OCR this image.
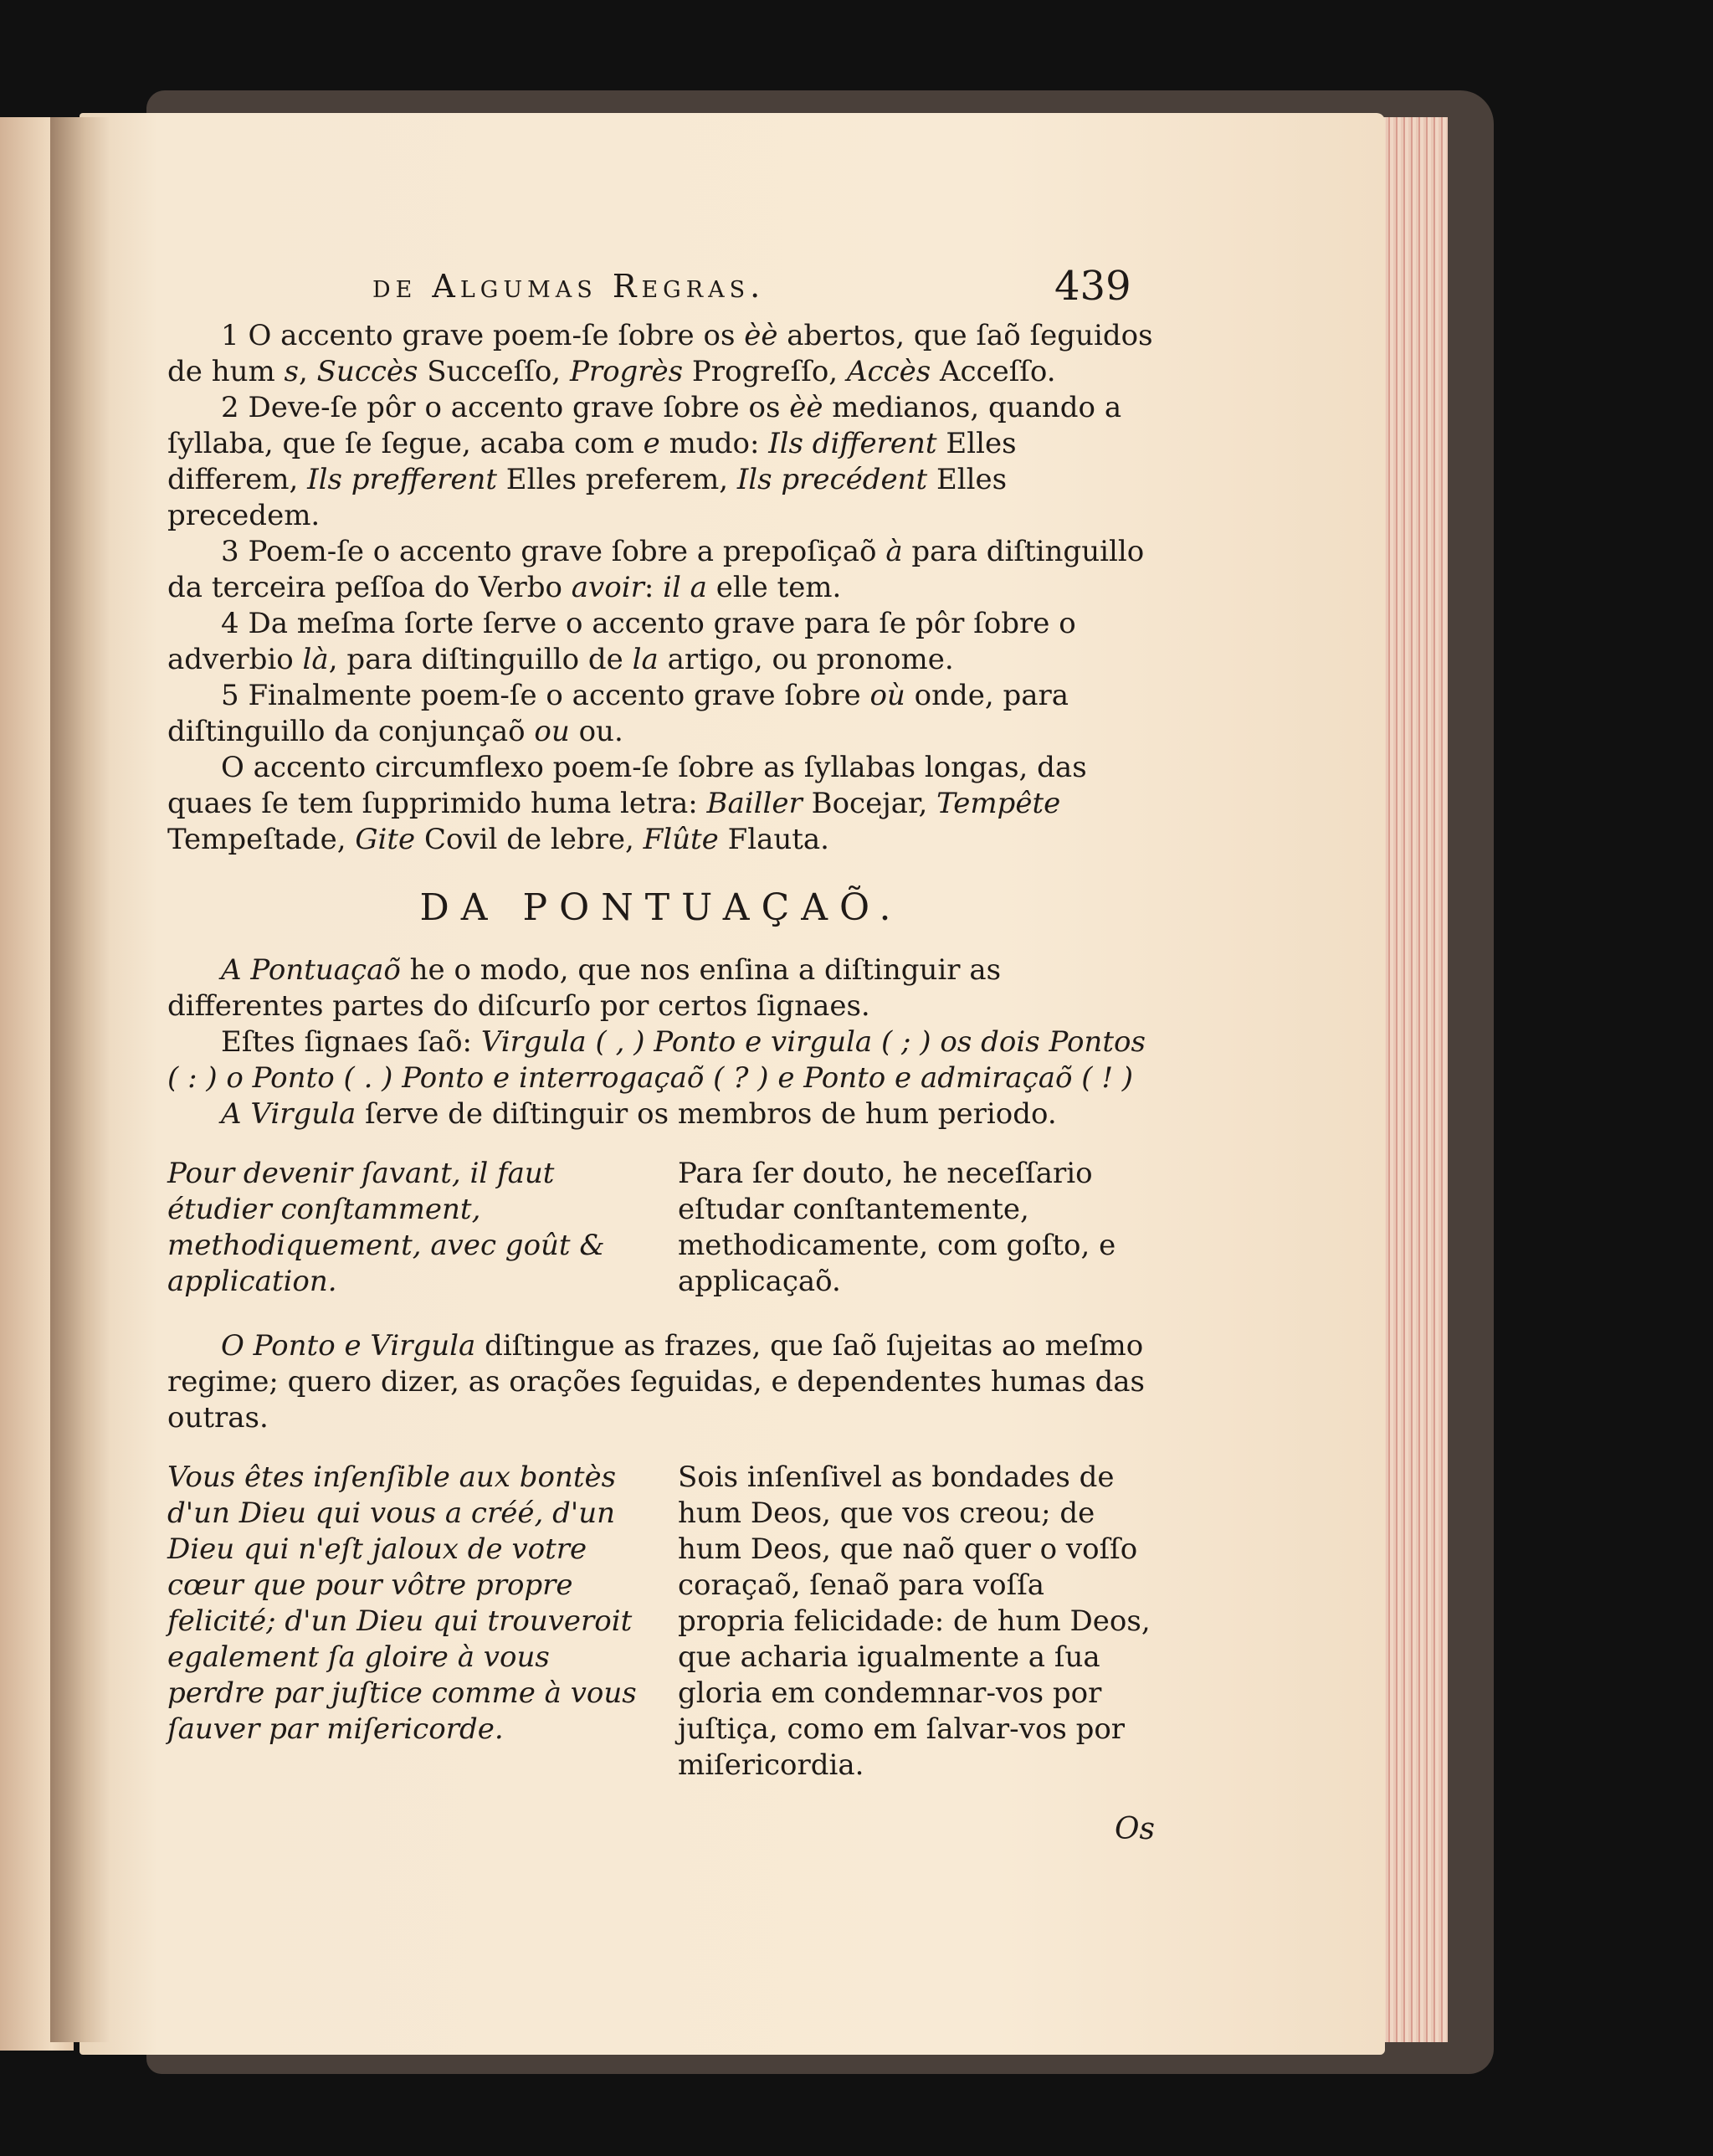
de Algumas Regras.	439

1 O accento grave poem-ſe ſobre os èè abertos, que ſaõ ſeguidos de hum s, Succès Succeſſo, Progrès Progreſſo, Accès Acceſſo.

2 Deve-ſe pôr o accento grave ſobre os èè medianos, quando a ſyllaba, que ſe ſegue, acaba com e mudo: Ils different Elles differem, Ils prefferent Elles preferem, Ils precédent Elles precedem.

3 Poem-ſe o accento grave ſobre a prepoſiçaõ à para diſtinguillo da terceira peſſoa do Verbo avoir: il a elle tem.

4 Da meſma ſorte ſerve o accento grave para ſe pôr ſobre o adverbio là, para diſtinguillo de la artigo, ou pronome.

5 Finalmente poem-ſe o accento grave ſobre où onde, para diſtinguillo da conjunçaõ ou ou.

O accento circumflexo poem-ſe ſobre as ſyllabas longas, das quaes ſe tem ſupprimido huma letra: Bailler Bocejar, Tempête Tempeſtade, Gite Covil de lebre, Flûte Flauta.

DA PONTUAÇAÕ.

A Pontuaçaõ he o modo, que nos enſina a diſtinguir as differentes partes do diſcurſo por certos ſignaes.

Eſtes ſignaes ſaõ: Virgula ( , ) Ponto e virgula ( ; ) os dois Pontos ( : ) o Ponto ( . ) Ponto e interrogaçaõ ( ? ) e Ponto e admiraçaõ ( ! )

A Virgula ſerve de diſtinguir os membros de hum periodo.

Pour devenir ſavant, il faut étudier conſtamment, methodiquement, avec goût & application.
Para ſer douto, he neceſſario eſtudar conſtantemente, methodicamente, com goſto, e applicaçaõ.

O Ponto e Virgula diſtingue as frazes, que ſaõ ſujeitas ao meſmo regime; quero dizer, as orações ſeguidas, e dependentes humas das outras.

Vous êtes inſenſible aux bontès d'un Dieu qui vous a créé, d'un Dieu qui n'eſt jaloux de votre cœur que pour vôtre propre felicité; d'un Dieu qui trouveroit egalement ſa gloire à vous perdre par juſtice comme à vous ſauver par miſericorde.
Sois inſenſivel as bondades de hum Deos, que vos creou; de hum Deos, que naõ quer o voſſo coraçaõ, ſenaõ para voſſa propria felicidade: de hum Deos, que acharia igualmente a ſua gloria em condemnar-vos por juſtiça, como em ſalvar-vos por miſericordia.
Os
